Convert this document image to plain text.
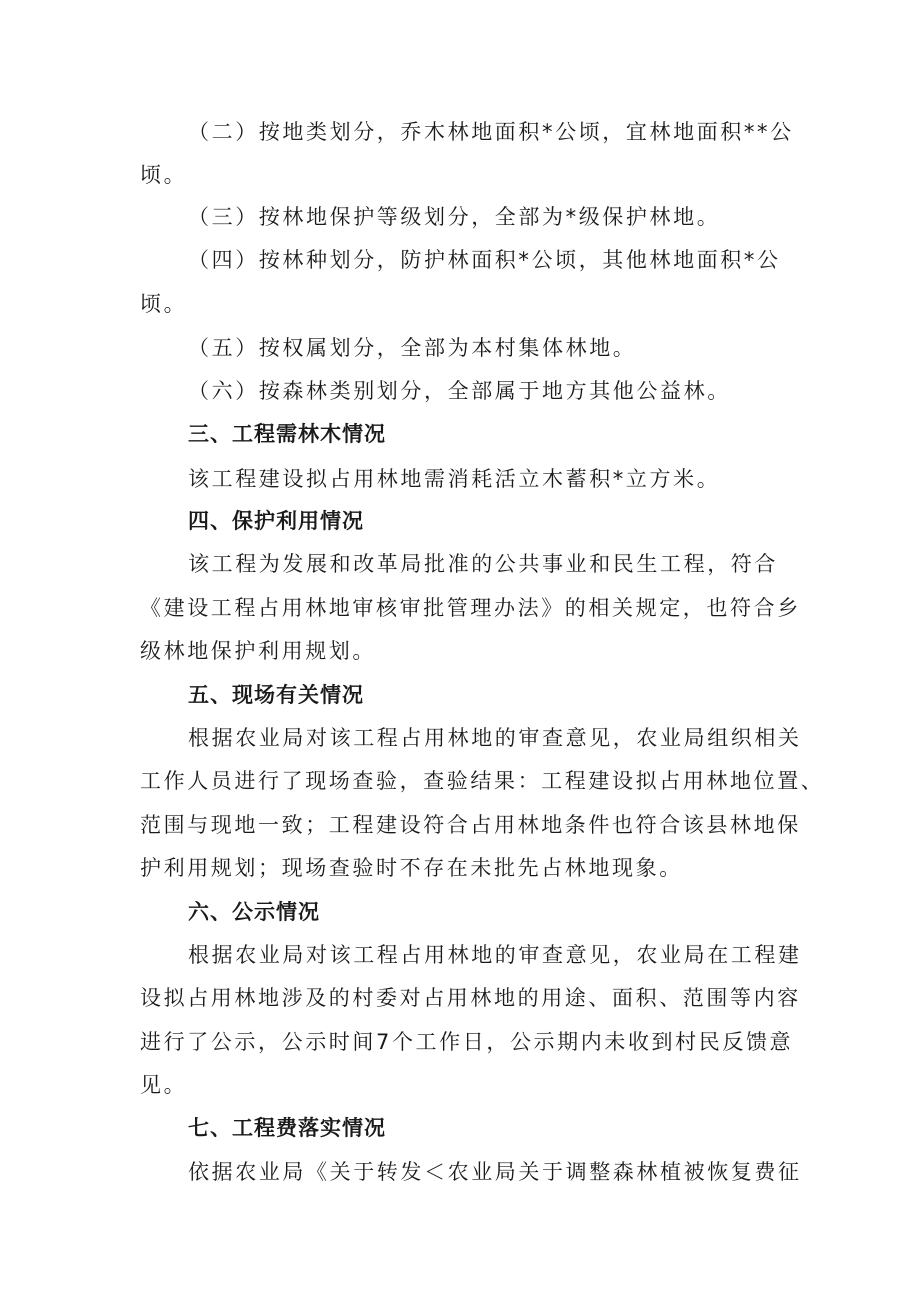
（二）按地类划分，乔木林地面积*公顷，宜林地面积**公
顷。
（三）按林地保护等级划分，全部为*级保护林地。
（四）按林种划分，防护林面积*公顷，其他林地面积*公
顷。
（五）按权属划分，全部为本村集体林地。
（六）按森林类别划分，全部属于地方其他公益林。
三、工程需林木情况
该工程建设拟占用林地需消耗活立木蓄积*立方米。
四、保护利用情况
该工程为发展和改革局批准的公共事业和民生工程，符合
《建设工程占用林地审核审批管理办法》的相关规定，也符合乡
级林地保护利用规划。
五、现场有关情况
根据农业局对该工程占用林地的审查意见，农业局组织相关
工作人员进行了现场查验，查验结果：工程建设拟占用林地位置、
范围与现地一致；工程建设符合占用林地条件也符合该县林地保
护利用规划；现场查验时不存在未批先占林地现象。
六、公示情况
根据农业局对该工程占用林地的审查意见，农业局在工程建
设拟占用林地涉及的村委对占用林地的用途、面积、范围等内容
进行了公示，公示时间7个工作日，公示期内未收到村民反馈意
见。
七、工程费落实情况
依据农业局《关于转发＜农业局关于调整森林植被恢复费征
